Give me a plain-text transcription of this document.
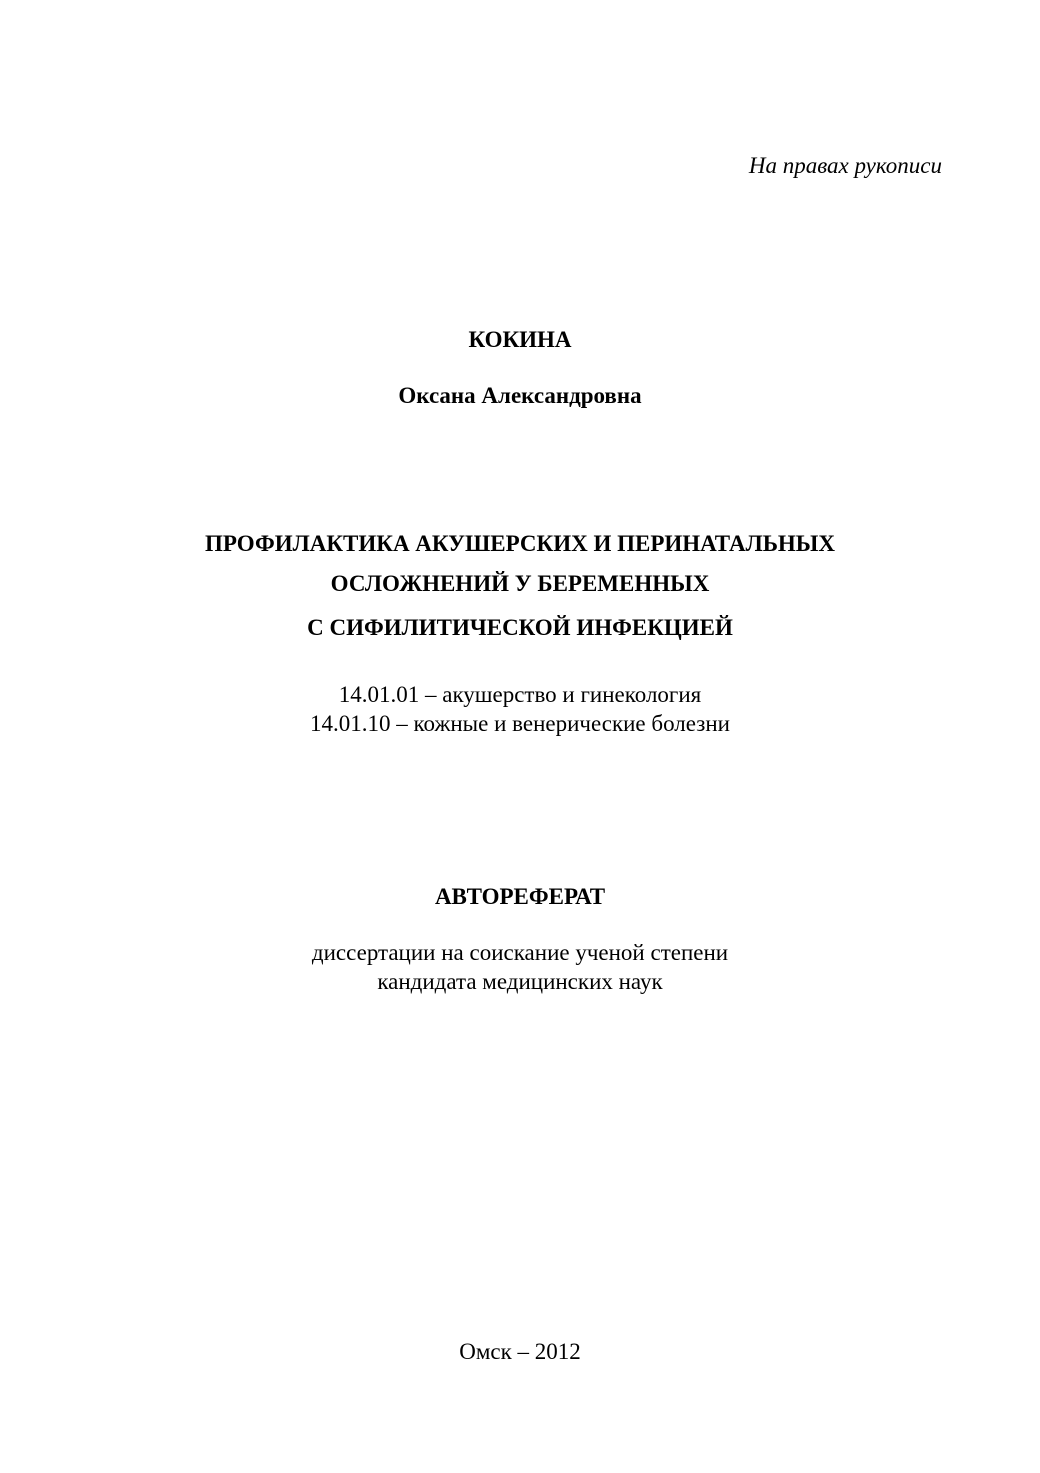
На правах рукописи
КОКИНА
Оксана Александровна
ПРОФИЛАКТИКА АКУШЕРСКИХ И ПЕРИНАТАЛЬНЫХ
ОСЛОЖНЕНИЙ У БЕРЕМЕННЫХ
С СИФИЛИТИЧЕСКОЙ ИНФЕКЦИЕЙ
14.01.01 – акушерство и гинекология
14.01.10 – кожные и венерические болезни
АВТОРЕФЕРАТ
диссертации на соискание ученой степени
кандидата медицинских наук
Омск – 2012
